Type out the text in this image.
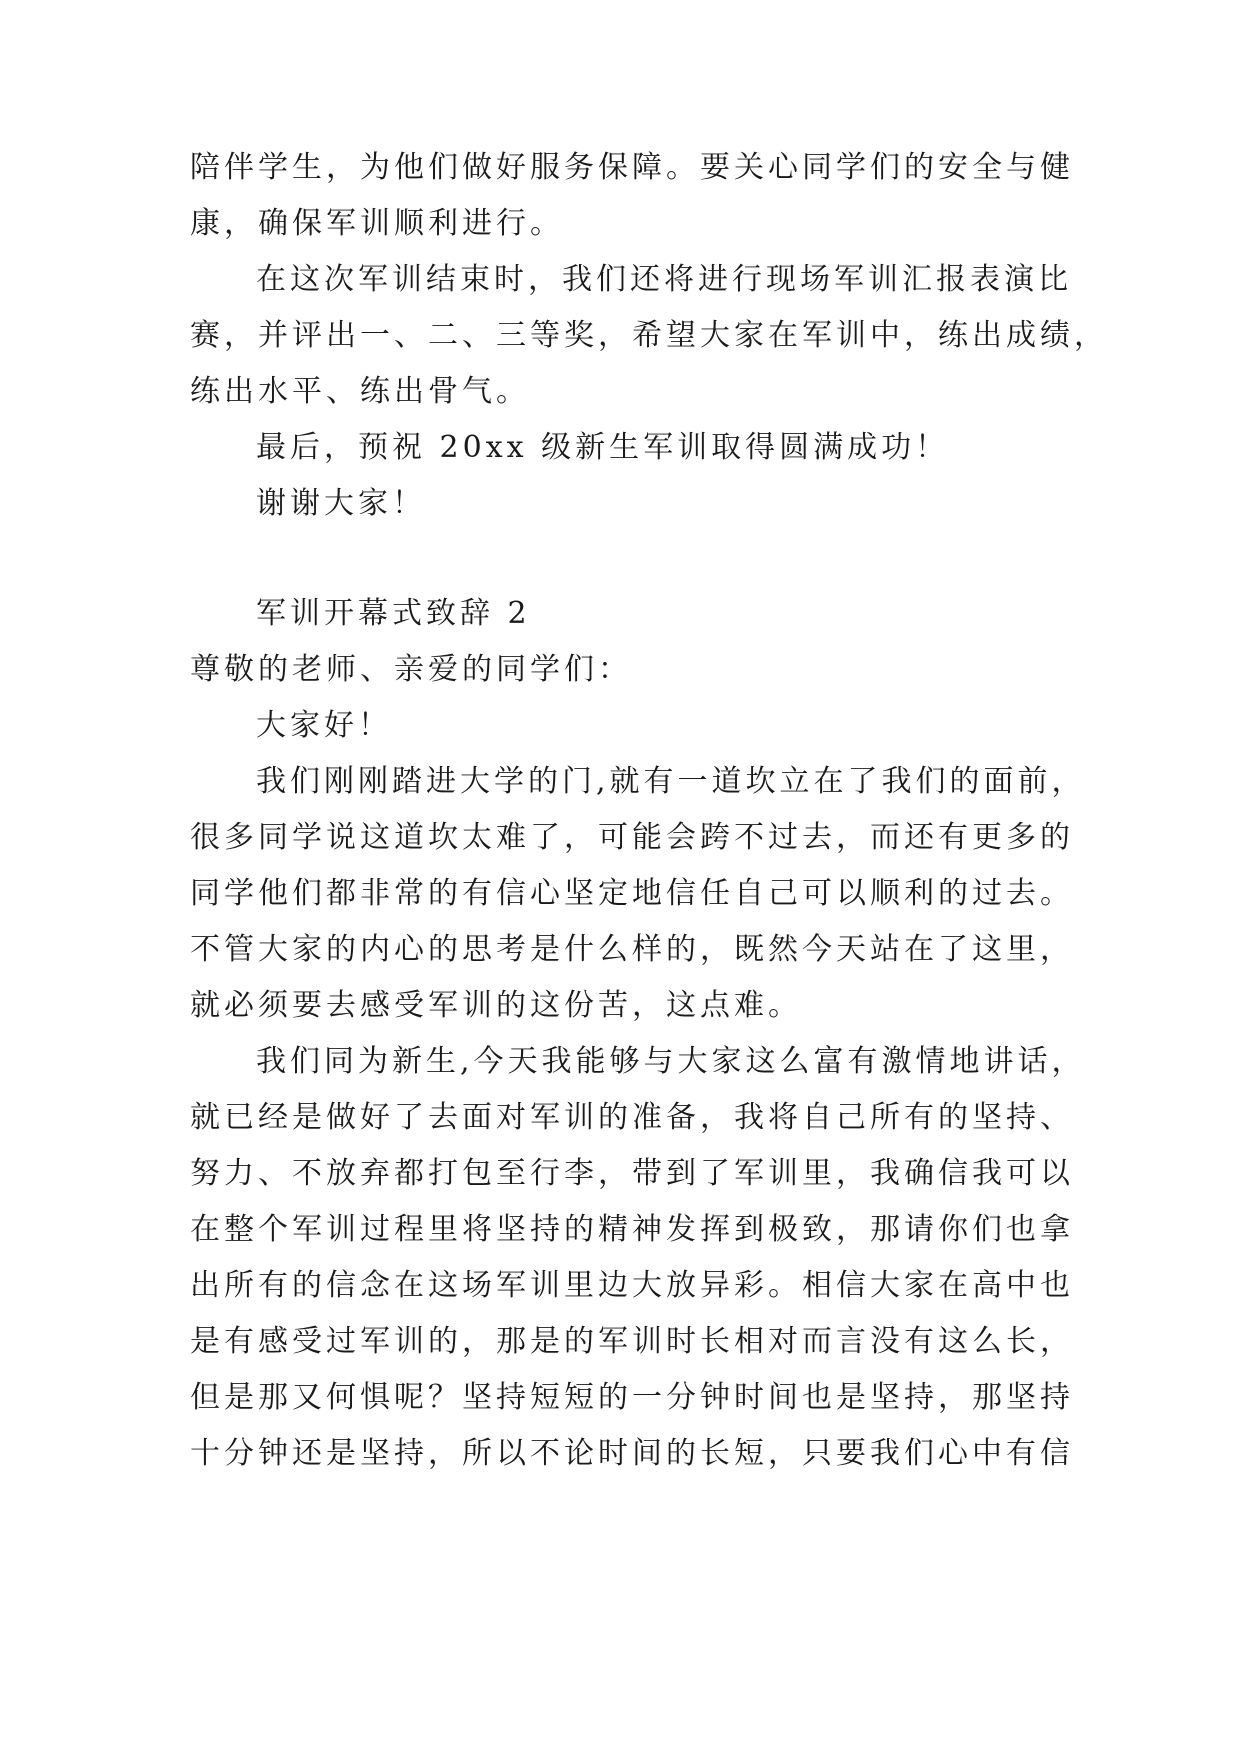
陪伴学生，为他们做好服务保障。要关心同学们的安全与健
康，确保军训顺利进行。
在这次军训结束时，我们还将进行现场军训汇报表演比
赛，并评出一、二、三等奖，希望大家在军训中，练出成绩，
练出水平、练出骨气。
最后，预祝 20xx 级新生军训取得圆满成功！
谢谢大家！
军训开幕式致辞 2
尊敬的老师、亲爱的同学们：
大家好！
我们刚刚踏进大学的门,就有一道坎立在了我们的面前，
很多同学说这道坎太难了，可能会跨不过去，而还有更多的
同学他们都非常的有信心坚定地信任自己可以顺利的过去。
不管大家的内心的思考是什么样的，既然今天站在了这里，
就必须要去感受军训的这份苦，这点难。
我们同为新生,今天我能够与大家这么富有激情地讲话，
就已经是做好了去面对军训的准备，我将自己所有的坚持、
努力、不放弃都打包至行李，带到了军训里，我确信我可以
在整个军训过程里将坚持的精神发挥到极致，那请你们也拿
出所有的信念在这场军训里边大放异彩。相信大家在高中也
是有感受过军训的，那是的军训时长相对而言没有这么长，
但是那又何惧呢？坚持短短的一分钟时间也是坚持，那坚持
十分钟还是坚持，所以不论时间的长短，只要我们心中有信
